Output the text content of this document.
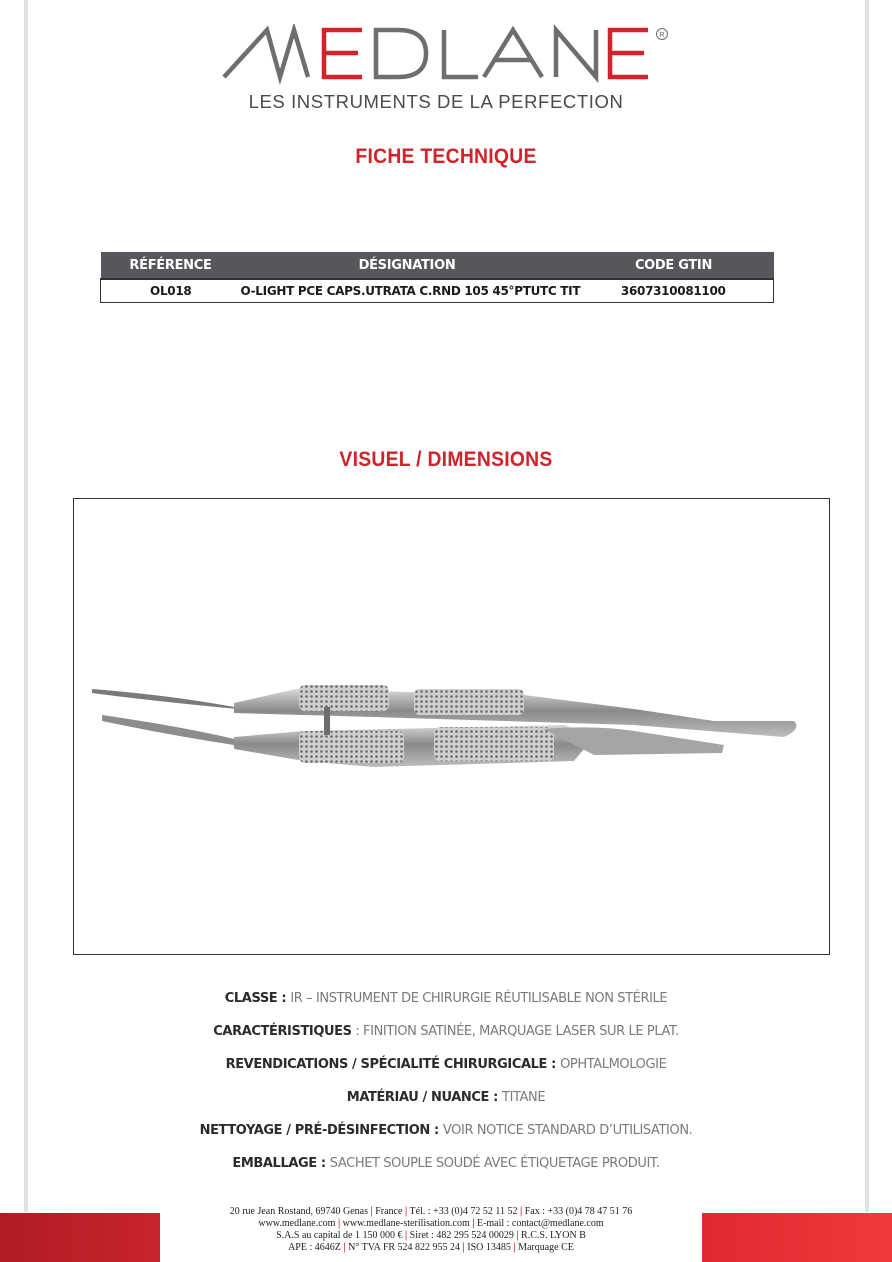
R
LES INSTRUMENTS DE LA PERFECTION
FICHE TECHNIQUE
RÉFÉRENCE	DÉSIGNATION	CODE GTIN
OL018	O-LIGHT PCE CAPS.UTRATA C.RND 105 45°PTUTC TIT	3607310081100
VISUEL / DIMENSIONS
CLASSE : IR – INSTRUMENT DE CHIRURGIE RÉUTILISABLE NON STÉRILE
CARACTÉRISTIQUES : FINITION SATINÉE, MARQUAGE LASER SUR LE PLAT.
REVENDICATIONS / SPÉCIALITÉ CHIRURGICALE : OPHTALMOLOGIE
MATÉRIAU / NUANCE : TITANE
NETTOYAGE / PRÉ-DÉSINFECTION : VOIR NOTICE STANDARD D’UTILISATION.
EMBALLAGE : SACHET SOUPLE SOUDÉ AVEC ÉTIQUETAGE PRODUIT.
20 rue Jean Rostand, 69740 Genas | France | Tél. : +33 (0)4 72 52 11 52 | Fax : +33 (0)4 78 47 51 76
www.medlane.com | www.medlane-sterilisation.com | E-mail : contact@medlane.com
S.A.S au capital de 1 150 000 € | Siret : 482 295 524 00029 | R.C.S. LYON B
APE : 4646Z | N° TVA FR 524 822 955 24 | ISO 13485 | Marquage CE
